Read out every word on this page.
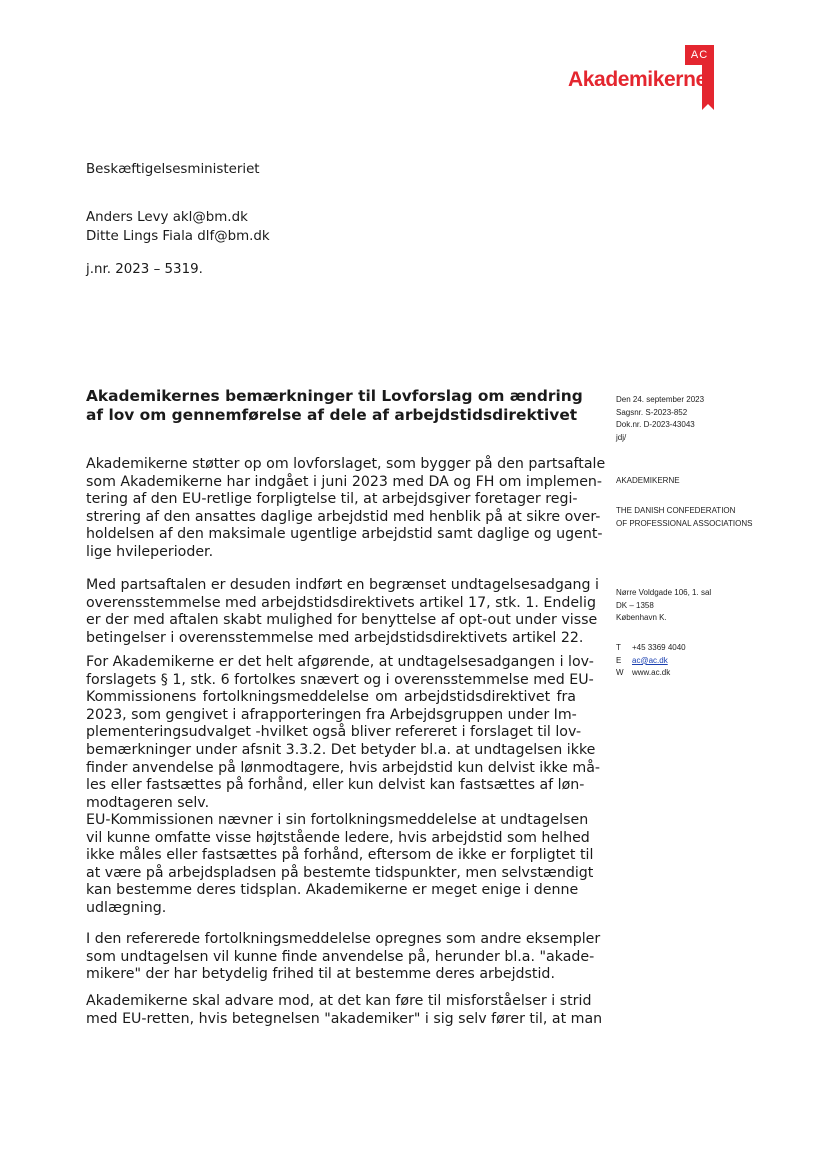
AC
Akademikerne
Beskæftigelsesministeriet
Anders Levy akl@bm.dk
Ditte Lings Fiala dlf@bm.dk
j.nr. 2023 – 5319.
Akademikernes bemærkninger til Lovforslag om ændring
af lov om gennemførelse af dele af arbejdstidsdirektivet

Akademikerne støtter op om lovforslaget, som bygger på den partsaftale
som Akademikerne har indgået i juni 2023 med DA og FH om implemen-
tering af den EU-retlige forpligtelse til, at arbejdsgiver foretager regi-
strering af den ansattes daglige arbejdstid med henblik på at sikre over-
holdelsen af den maksimale ugentlige arbejdstid samt daglige og ugent-
lige hvileperioder.

Med partsaftalen er desuden indført en begrænset undtagelsesadgang i
overensstemmelse med arbejdstidsdirektivets artikel 17, stk. 1. Endelig
er der med aftalen skabt mulighed for benyttelse af opt-out under visse
betingelser i overensstemmelse med arbejdstidsdirektivets artikel 22.

For Akademikerne er det helt afgørende, at undtagelsesadgangen i lov-
forslagets § 1, stk. 6 fortolkes snævert og i overensstemmelse med EU-
Kommissionens fortolkningsmeddelelse om arbejdstidsdirektivet fra
2023, som gengivet i afrapporteringen fra Arbejdsgruppen under Im-
plementeringsudvalget -hvilket også bliver refereret i forslaget til lov-
bemærkninger under afsnit 3.3.2. Det betyder bl.a. at undtagelsen ikke
finder anvendelse på lønmodtagere, hvis arbejdstid kun delvist ikke må-
les eller fastsættes på forhånd, eller kun delvist kan fastsættes af løn-
modtageren selv.

EU-Kommissionen nævner i sin fortolkningsmeddelelse at undtagelsen
vil kunne omfatte visse højtstående ledere, hvis arbejdstid som helhed
ikke måles eller fastsættes på forhånd, eftersom de ikke er forpligtet til
at være på arbejdspladsen på bestemte tidspunkter, men selvstændigt
kan bestemme deres tidsplan. Akademikerne er meget enige i denne
udlægning.

I den refererede fortolkningsmeddelelse opregnes som andre eksempler
som undtagelsen vil kunne finde anvendelse på, herunder bl.a. "akade-
mikere" der har betydelig frihed til at bestemme deres arbejdstid.

Akademikerne skal advare mod, at det kan føre til misforståelser i strid
med EU-retten, hvis betegnelsen "akademiker" i sig selv fører til, at man

Den 24. september 2023
Sagsnr. S-2023-852
Dok.nr. D-2023-43043
jdj/
AKADEMIKERNE
THE DANISH CONFEDERATION
OF PROFESSIONAL ASSOCIATIONS
Nørre Voldgade 106, 1. sal
DK – 1358
København K.
T +45 3369 4040
E ac@ac.dk
W www.ac.dk
